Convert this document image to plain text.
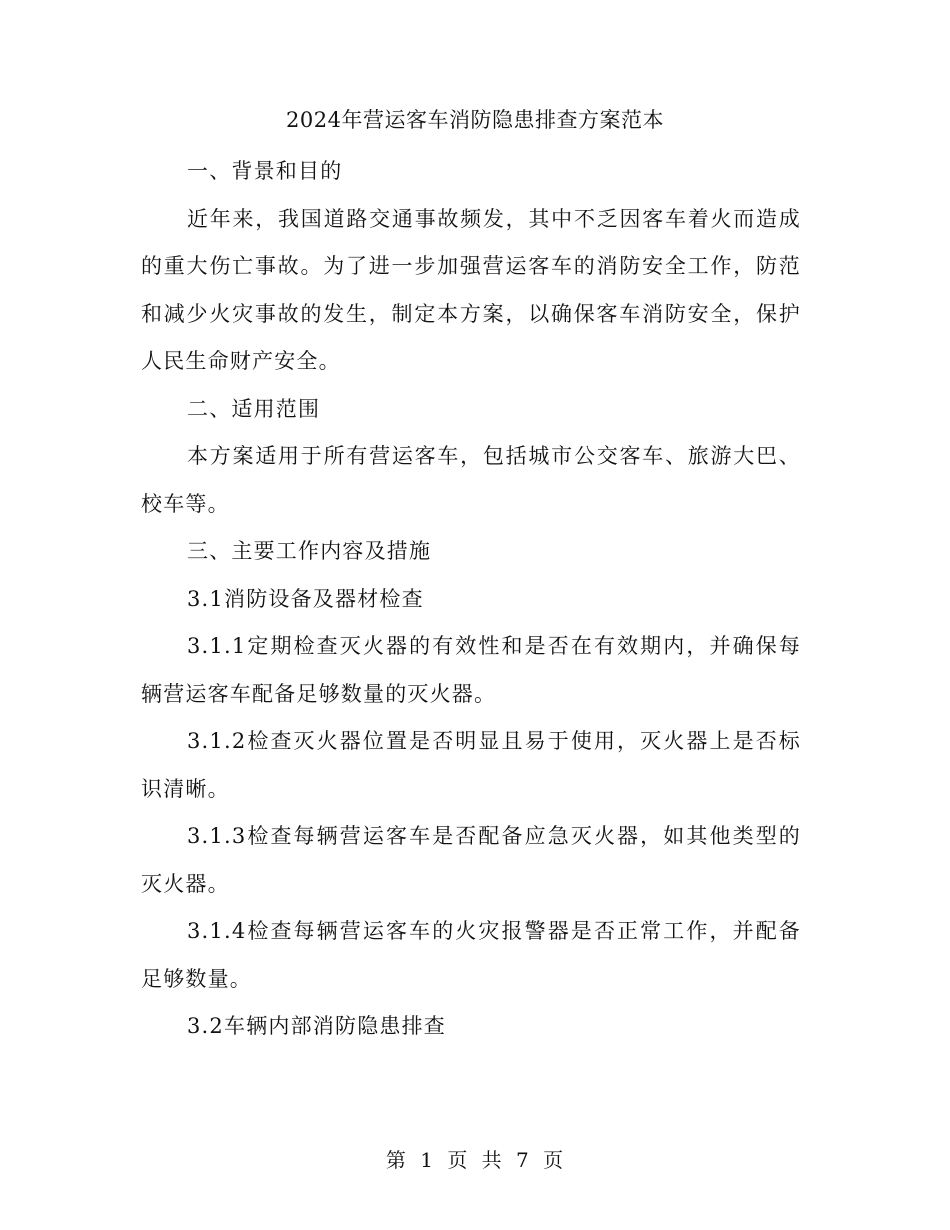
2024年营运客车消防隐患排查方案范本

一、背景和目的

近年来，我国道路交通事故频发，其中不乏因客车着火而造成的重大伤亡事故。为了进一步加强营运客车的消防安全工作，防范和减少火灾事故的发生，制定本方案，以确保客车消防安全，保护人民生命财产安全。

二、适用范围

本方案适用于所有营运客车，包括城市公交客车、旅游大巴、校车等。

三、主要工作内容及措施

3.1消防设备及器材检查

3.1.1定期检查灭火器的有效性和是否在有效期内，并确保每辆营运客车配备足够数量的灭火器。

3.1.2检查灭火器位置是否明显且易于使用，灭火器上是否标识清晰。

3.1.3检查每辆营运客车是否配备应急灭火器，如其他类型的灭火器。

3.1.4检查每辆营运客车的火灾报警器是否正常工作，并配备足够数量。

3.2车辆内部消防隐患排查

第 1 页 共 7 页
